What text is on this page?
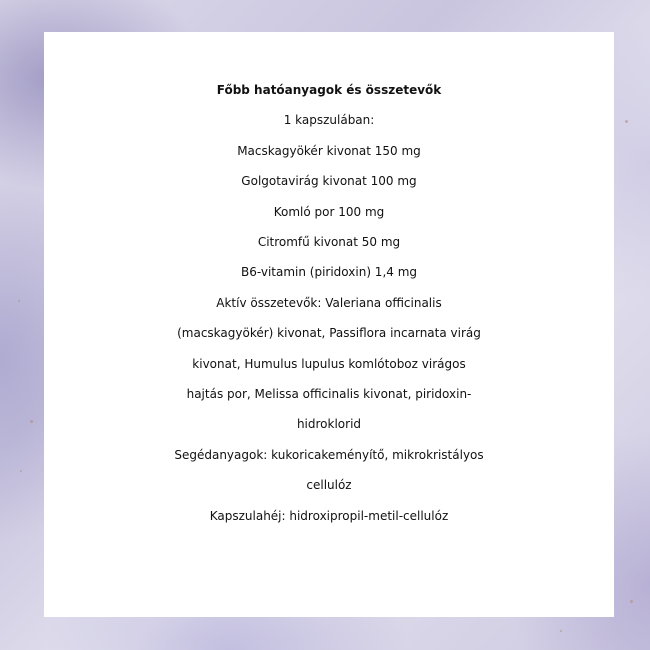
Főbb hatóanyagok és összetevők
1 kapszulában:
Macskagyökér kivonat 150 mg
Golgotavirág kivonat 100 mg
Komló por 100 mg
Citromfű kivonat 50 mg
B6-vitamin (piridoxin) 1,4 mg
Aktív összetevők: Valeriana officinalis
(macskagyökér) kivonat, Passiflora incarnata virág
kivonat, Humulus lupulus komlótoboz virágos
hajtás por, Melissa officinalis kivonat, piridoxin-
hidroklorid
Segédanyagok: kukoricakeményítő, mikrokristályos
cellulóz
Kapszulahéj: hidroxipropil-metil-cellulóz
